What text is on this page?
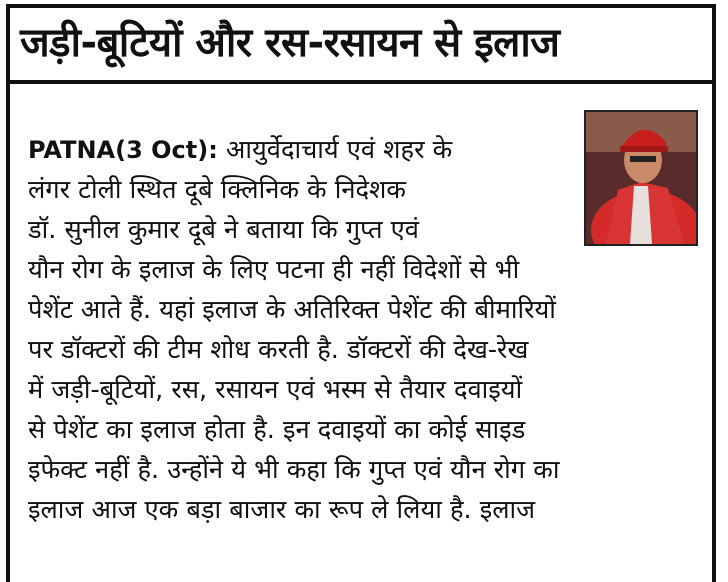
जड़ी-बूटियों और रस-रसायन से इलाज
PATNA(3 Oct): आयुर्वेदाचार्य एवं शहर के
लंगर टोली स्थित दूबे क्लिनिक के निदेशक
डॉ. सुनील कुमार दूबे ने बताया कि गुप्त एवं
यौन रोग के इलाज के लिए पटना ही नहीं विदेशों से भी
पेशेंट आते हैं. यहां इलाज के अतिरिक्त पेशेंट की बीमारियों
पर डॉक्टरों की टीम शोध करती है. डॉक्टरों की देख-रेख
में जड़ी-बूटियों, रस, रसायन एवं भस्म से तैयार दवाइयों
से पेशेंट का इलाज होता है. इन दवाइयों का कोई साइड
इफेक्ट नहीं है. उन्होंने ये भी कहा कि गुप्त एवं यौन रोग का
इलाज आज एक बड़ा बाजार का रूप ले लिया है. इलाज
